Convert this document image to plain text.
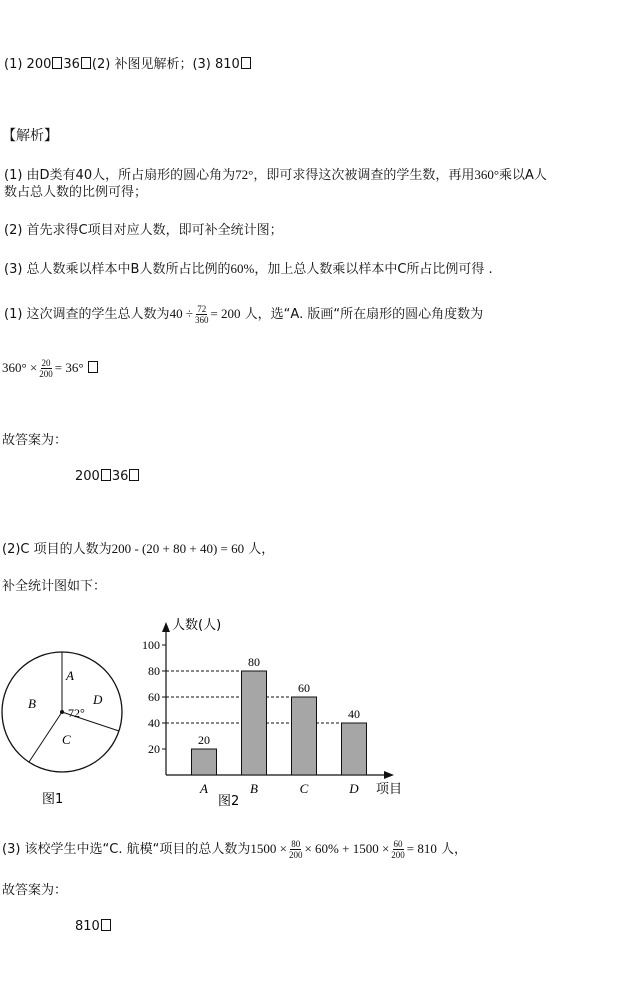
(1) 200 36 (2) 补图见解析；(3) 810
【解析】
(1) 由D类有40人，所占扇形的圆心角为72°，即可求得这次被调查的学生数，再用360°乘以A人
数占总人数的比例可得；
(2) 首先求得C项目对应人数，即可补全统计图；
(3) 总人数乘以样本中B人数所占比例的60%，加上总人数乘以样本中C所占比例可得 .
(1) 这次调查的学生总人数为$40 \div \frac{72}{360} = 200$ 人，选“A. 版画“所在扇形的圆心角度数为
$360^\circ \times \frac{20}{200} = 36^\circ$
故答案为：
200 36
(2)C 项目的人数为200 - (20 + 80 + 40) = 60 人，
补全统计图如下：
A
B
C
D
72°
图1
人数(人)
项目
图2
20
40
60
80
100
20
A
80
B
60
C
40
D
(3) 该校学生中选“C. 航模“项目的总人数为$1500 \times \frac{80}{200} \times 60\% + 1500 \times \frac{60}{200} = 810$ 人，
故答案为：
810
